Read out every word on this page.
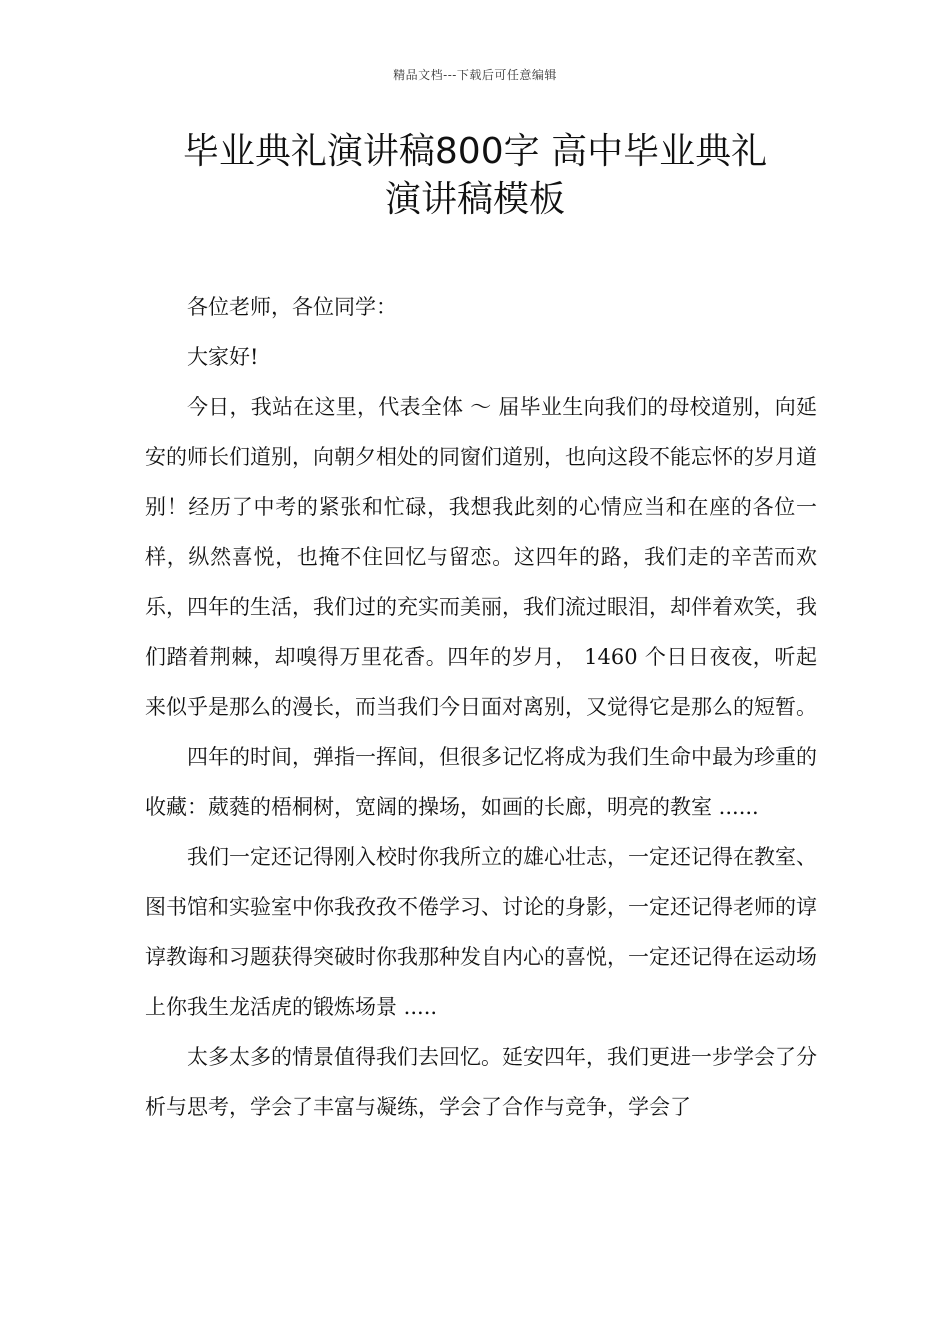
精品文档---下载后可任意编辑
毕业典礼演讲稿800字 高中毕业典礼
演讲稿模板

各位老师，各位同学：

大家好!

今日，我站在这里，代表全体 ～ 届毕业生向我们的母校道别，向延安的师长们道别，向朝夕相处的同窗们道别，也向这段不能忘怀的岁月道别！经历了中考的紧张和忙碌，我想我此刻的心情应当和在座的各位一样，纵然喜悦，也掩不住回忆与留恋。这四年的路，我们走的辛苦而欢乐，四年的生活，我们过的充实而美丽，我们流过眼泪，却伴着欢笑，我们踏着荆棘，却嗅得万里花香。四年的岁月， 1460 个日日夜夜，听起来似乎是那么的漫长，而当我们今日面对离别，又觉得它是那么的短暂。

四年的时间，弹指一挥间，但很多记忆将成为我们生命中最为珍重的收藏：葳蕤的梧桐树，宽阔的操场，如画的长廊，明亮的教室 ......

我们一定还记得刚入校时你我所立的雄心壮志，一定还记得在教室、图书馆和实验室中你我孜孜不倦学习、讨论的身影，一定还记得老师的谆谆教诲和习题获得突破时你我那种发自内心的喜悦，一定还记得在运动场上你我生龙活虎的锻炼场景 .....

太多太多的情景值得我们去回忆。延安四年，我们更进一步学会了分析与思考，学会了丰富与凝练，学会了合作与竞争，学会了
